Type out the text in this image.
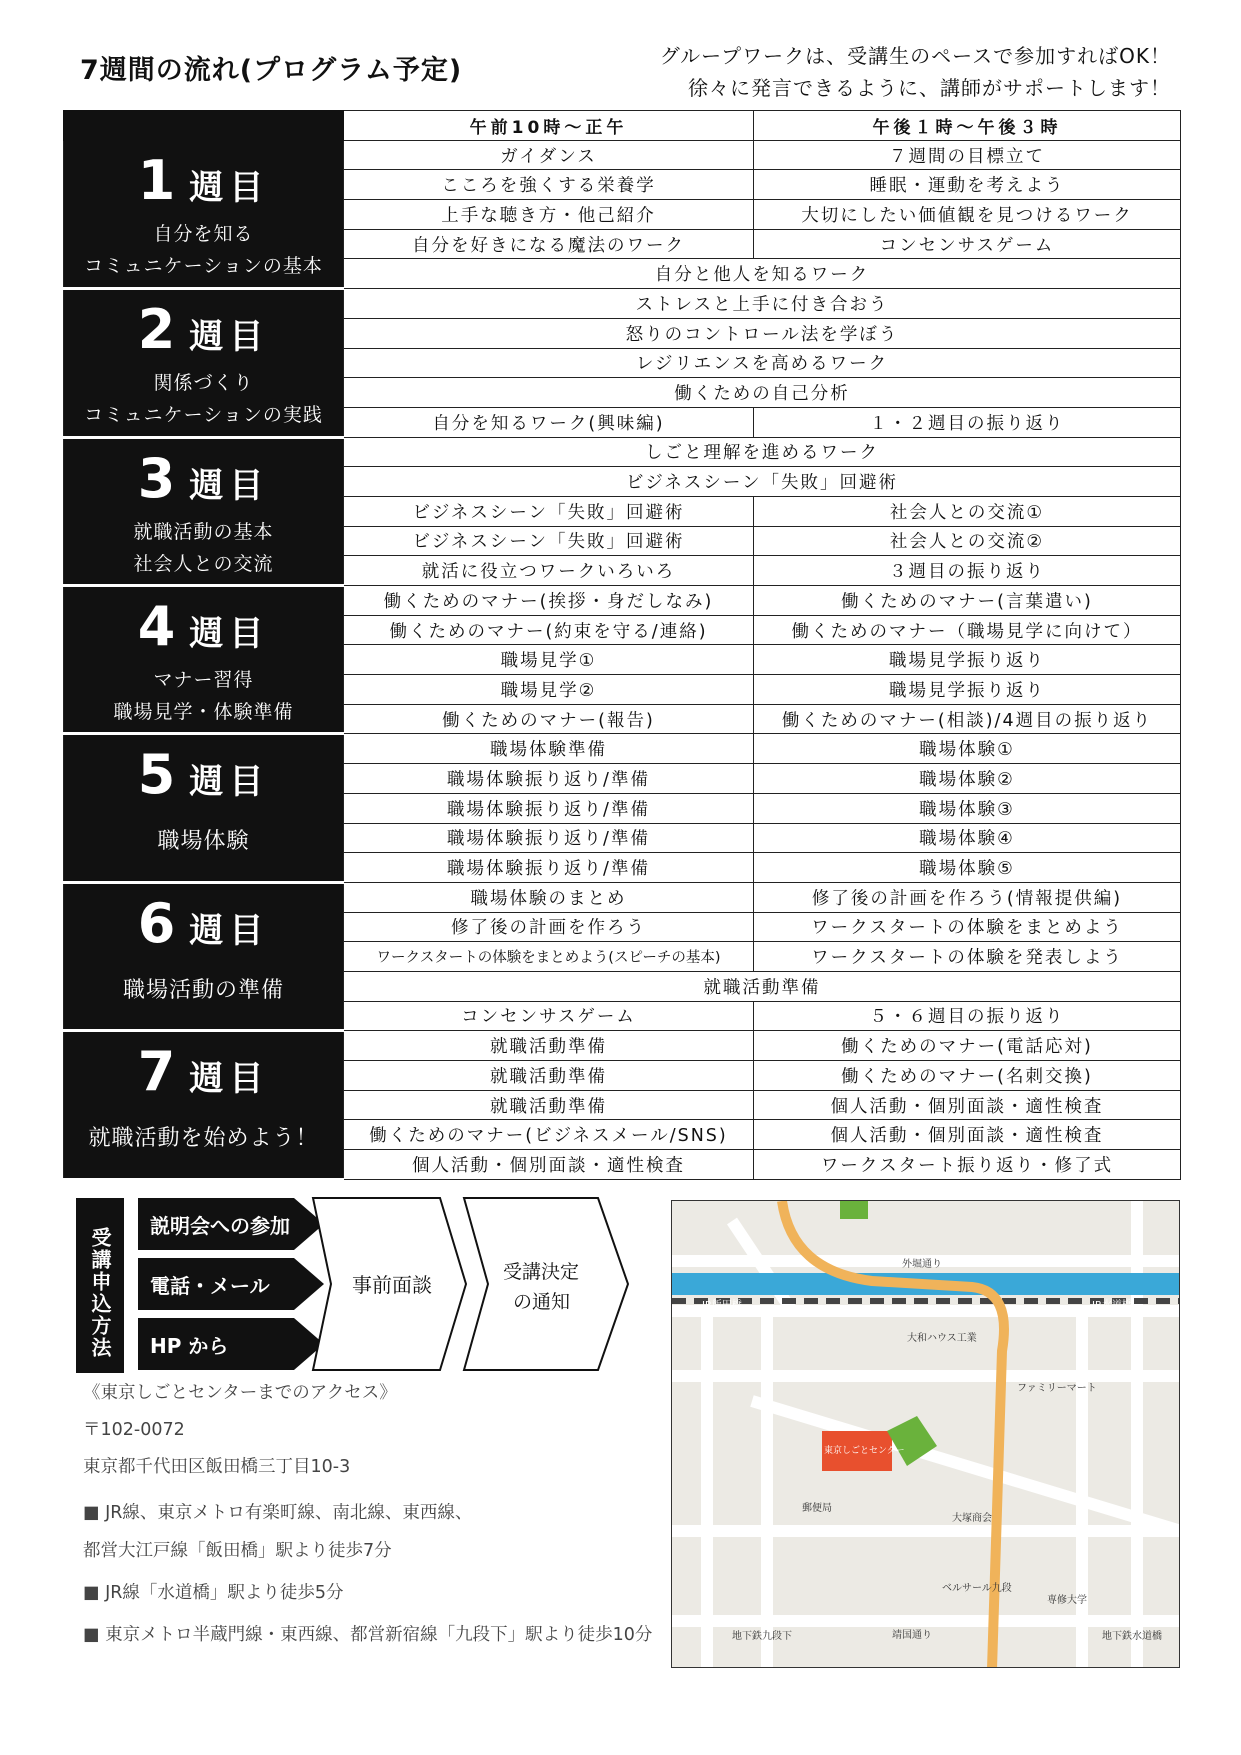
7週間の流れ(プログラム予定)	グループワークは、受講生のペースで参加すればOK！
徐々に発言できるように、講師がサポートします！
	午前10時～正午	午後１時～午後３時

1週目
自分を知る
コミュニケーションの基本	ガイダンス	７週間の目標立て
	こころを強くする栄養学	睡眠・運動を考えよう
	上手な聴き方・他己紹介	大切にしたい価値観を見つけるワーク
	自分を好きになる魔法のワーク	コンセンサスゲーム
	自分と他人を知るワーク	

2週目
関係づくり
コミュニケーションの実践	ストレスと上手に付き合おう	
	怒りのコントロール法を学ぼう	
	レジリエンスを高めるワーク	
	働くための自己分析	
	自分を知るワーク(興味編)	１・２週目の振り返り

3週目
就職活動の基本
社会人との交流	しごと理解を進めるワーク	
	ビジネスシーン「失敗」回避術	
	ビジネスシーン「失敗」回避術	社会人との交流①
	ビジネスシーン「失敗」回避術	社会人との交流②
	就活に役立つワークいろいろ	３週目の振り返り

4週目
マナー習得
職場見学・体験準備	働くためのマナー(挨拶・身だしなみ)	働くためのマナー(言葉遣い)
	働くためのマナー(約束を守る/連絡)	働くためのマナー（職場見学に向けて）
	職場見学①	職場見学振り返り
	職場見学②	職場見学振り返り
	働くためのマナー(報告)	働くためのマナー(相談)/4週目の振り返り

5週目
職場体験	職場体験準備	職場体験①
	職場体験振り返り/準備	職場体験②
	職場体験振り返り/準備	職場体験③
	職場体験振り返り/準備	職場体験④
	職場体験振り返り/準備	職場体験⑤

6週目
職場活動の準備	職場体験のまとめ	修了後の計画を作ろう(情報提供編)
	修了後の計画を作ろう	ワークスタートの体験をまとめよう
	ワークスタートの体験をまとめよう(スピーチの基本)	ワークスタートの体験を発表しよう
	就職活動準備	
	コンセンサスゲーム	５・６週目の振り返り

7週目
就職活動を始めよう！	就職活動準備	働くためのマナー(電話応対)
	就職活動準備	働くためのマナー(名刺交換)
	就職活動準備	個人活動・個別面談・適性検査
	働くためのマナー(ビジネスメール/SNS)	個人活動・個別面談・適性検査
	個人活動・個別面談・適性検査	ワークスタート振り返り・修了式
受講申込方法
説明会への参加
電話・メール
HP から
事前面談
受講決定
の通知
《東京しごとセンターまでのアクセス》
〒102-0072
東京都千代田区飯田橋三丁目10-3
■ JR線、東京メトロ有楽町線、南北線、東西線、
都営大江戸線「飯田橋」駅より徒歩7分
■ JR線「水道橋」駅より徒歩5分
■ 東京メトロ半蔵門線・東西線、都営新宿線「九段下」駅より徒歩10分
外堀通り
JR飯田橋	JR水道橋
大和ハウス工業
ファミリーマート
東京しごとセンター
郵便局
大塚商会
ベルサール九段
専修大学
靖国通り
地下鉄九段下	地下鉄水道橋
